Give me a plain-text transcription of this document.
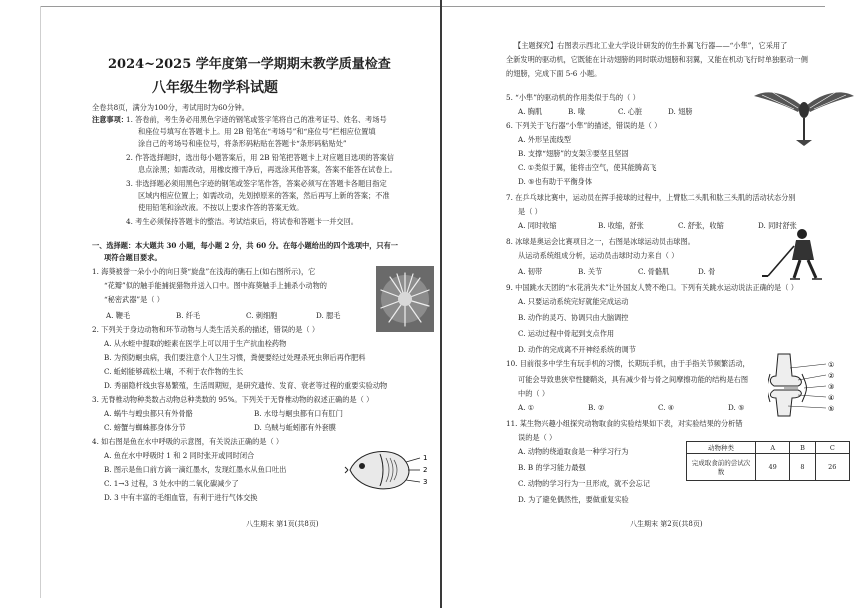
2024~2025 学年度第一学期期末教学质量检查
八年级生物学科试题
全卷共8页，满分为100分，考试用时为60分钟。
注意事项：
1. 答卷前，考生务必用黑色字迹的钢笔或签字笔将自己的准考证号、姓名、考场号
和座位号填写在答题卡上。用 2B 铅笔在“考场号”和“座位号”栏相应位置填
涂自己的考场号和座位号，将条形码粘贴在答题卡“条形码粘贴处”
2. 作答选择题时，选出每小题答案后，用 2B 铅笔把答题卡上对应题目选项的答案信
息点涂黑；如需改动，用橡皮擦干净后，再选涂其他答案，答案不能答在试卷上。
3. 非选择题必须用黑色字迹的钢笔或签字笔作答，答案必须写在答题卡各题目指定
区域内相应位置上；如需改动，先划掉原来的答案，然后再写上新的答案；不准
使用铅笔和涂改液。不按以上要求作答的答案无效。
4. 考生必须保持答题卡的整洁。考试结束后，将试卷和答题卡一并交回。
一、选择题：本大题共 30 小题，每小题 2 分，共 60 分。在每小题给出的四个选项中，只有一
项符合题目要求。
1. 海葵被誉一朵小小的向日葵“旋盘”在浅海的礁石上(如右图所示)，它
“花瓣”似的触手能捕捉猎物并送入口中。图中海葵触手上捕杀小动物的
“秘密武器”是（ ）
A. 鞭毛	B. 纤毛	C. 刺细胞	D. 腮毛
2. 下列关于身边动物和环节动物与人类生活关系的描述，错误的是（ ）
A. 从水蛭中提取的蛭素在医学上可以用于生产抗血栓药物
B. 为预防蛔虫病，我们要注意个人卫生习惯，粪便要经过处理杀死虫卵后再作肥料
C. 蚯蚓能够疏松土壤，不利于农作物的生长
D. 秀丽隐杆线虫容易繁殖，生活周期短，是研究遗传、发育、衰老等过程的重要实验动物
3. 无脊椎动物种类数占动物总种类数的 95%。下列关于无脊椎动物的叙述正确的是（ ）
A. 蜗牛与蝗虫都只有外骨骼	B. 水母与蛔虫都有口有肛门
C. 螃蟹与蜘蛛都身体分节	D. 乌贼与蚯蚓都有外套膜
4. 如右图是鱼在水中呼吸的示意图，有关说法正确的是（ ）
A. 鱼在水中呼吸时 1 和 2 同时张开或同时闭合
B. 图示是鱼口前方滴一滴红墨水，发现红墨水从鱼口吐出
C. 1→3 过程，3 处水中的二氧化碳减少了
D. 3 中有丰富的毛细血管，有利于进行气体交换
1
2
3
八生期末 第1页(共8页)
【主题探究】右图表示西北工业大学设计研发的仿生扑翼飞行器——“小隼”，它采用了
全新发明的驱动机，它既能在计动翅膀的同时联动翅膀和羽翼，又能在机动飞行时单独驱动一侧
的翅膀，完成下面 5-6 小题。
5. “小隼”的驱动机的作用类似于鸟的（ ）
A. 胸肌	B. 喙	C. 心脏	D. 翅膀
6. 下列关于飞行器“小隼”的描述，错误的是（ ）
A. 外形呈流线型
B. 支撑“翅膀”的支架③要坚且坚固
C. ①类似于翼，能将击空气，使其能腾高飞
D. ⑤也有助于平衡身体
7. 在乒乓球比赛中，运动员在挥手接球的过程中，上臂肱二头肌和肱三头肌的活动状态分别
是（ ）
A. 同时收缩	B. 收缩，舒张	C. 舒张，收缩	D. 同时舒张
8. 冰球是奥运会比赛项目之一，右图是冰球运动员击球图。
从运动系统组成分析，运动员击球时动力来自（ ）
A. 韧带	B. 关节	C. 骨骼肌	D. 骨
9. 中国跳水天团的“水花消失术”让外国友人赞不绝口。下列有关跳水运动说法正确的是（ ）
A. 只要运动系统完好就能完成运动
B. 动作的灵巧、协调只由大脑调控
C. 运动过程中骨起到支点作用
D. 动作的完成离不开神经系统的调节
10. 目前很多中学生有玩手机的习惯，长期玩手机，由于手指关节频繁活动，
可能会导致患狭窄性腱鞘炎，具有减少骨与骨之间摩擦功能的结构是右图
中的（ ）
A. ①	B. ②	C. ④	D. ⑤
①
②
③
④
⑤
11. 某生物兴趣小组探究动物取食的实验结果如下表，对实验结果的分析错
误的是（ ）
A. 动物的绕道取食是一种学习行为
B. B 的学习能力最强
C. 动物的学习行为一旦形成，就不会忘记
D. 为了避免偶然性，要做重复实验
动物种类	A	B	C
完成取食前的尝试次数	49	8	26
八生期末 第2页(共8页)
